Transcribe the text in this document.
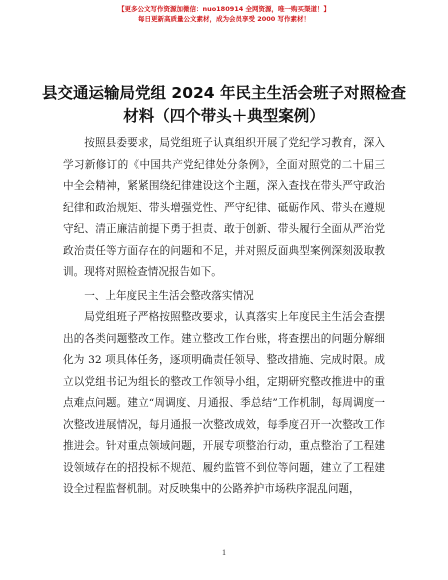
【更多公文写作资源加微信：nuo180914 全网资源，唯一购买渠道！】
每日更新高质量公文素材，成为会员享受 2000 写作素材！
县交通运输局党组 2024 年民主生活会班子对照检查材料（四个带头＋典型案例）

按照县委要求，局党组班子认真组织开展了党纪学习教育，深入学习新修订的《中国共产党纪律处分条例》，全面对照党的二十届三中全会精神，紧紧围绕纪律建设这个主题，深入查找在带头严守政治纪律和政治规矩、带头增强党性、严守纪律、砥砺作风、带头在遵规守纪、清正廉洁前提下勇于担责、敢于创新、带头履行全面从严治党政治责任等方面存在的问题和不足，并对照反面典型案例深刻汲取教训。现将对照检查情况报告如下。

一、上年度民主生活会整改落实情况

局党组班子严格按照整改要求，认真落实上年度民主生活会查摆出的各类问题整改工作。建立整改工作台账，将查摆出的问题分解细化为 32 项具体任务，逐项明确责任领导、整改措施、完成时限。成立以党组书记为组长的整改工作领导小组，定期研究整改推进中的重点难点问题。建立“周调度、月通报、季总结”工作机制，每周调度一次整改进展情况，每月通报一次整改成效，每季度召开一次整改工作推进会。针对重点领域问题，开展专项整治行动，重点整治了工程建设领域存在的招投标不规范、履约监管不到位等问题，建立了工程建设全过程监督机制。对反映集中的公路养护市场秩序混乱问题，

1
